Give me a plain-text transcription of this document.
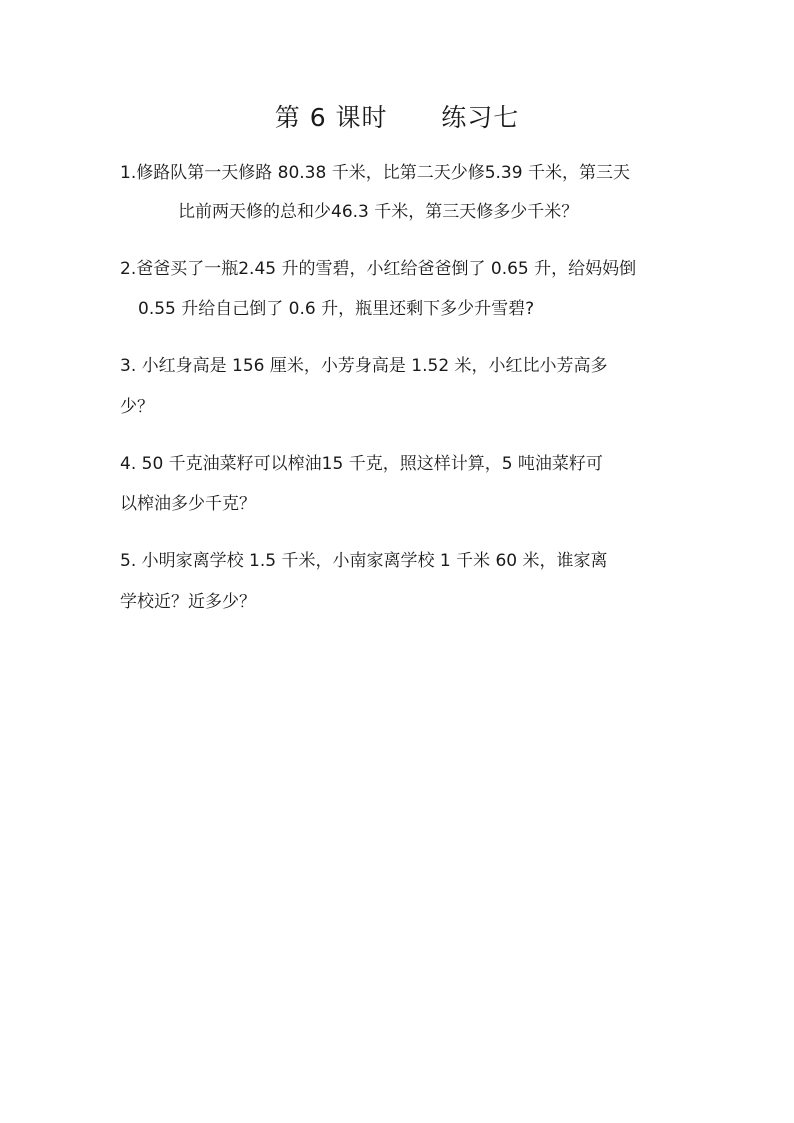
第 6 课时      练习七
1.修路队第一天修路 80.38 千米，比第二天少修5.39 千米，第三天
比前两天修的总和少46.3 千米，第三天修多少千米？
2.爸爸买了一瓶2.45 升的雪碧，小红给爸爸倒了 0.65 升，给妈妈倒
0.55 升给自己倒了 0.6 升，瓶里还剩下多少升雪碧?
3. 小红身高是 156 厘米，小芳身高是 1.52 米，小红比小芳高多
少？
4. 50 千克油菜籽可以榨油15 千克，照这样计算，5 吨油菜籽可
以榨油多少千克？
5. 小明家离学校 1.5 千米，小南家离学校 1 千米 60 米，谁家离
学校近？近多少？
